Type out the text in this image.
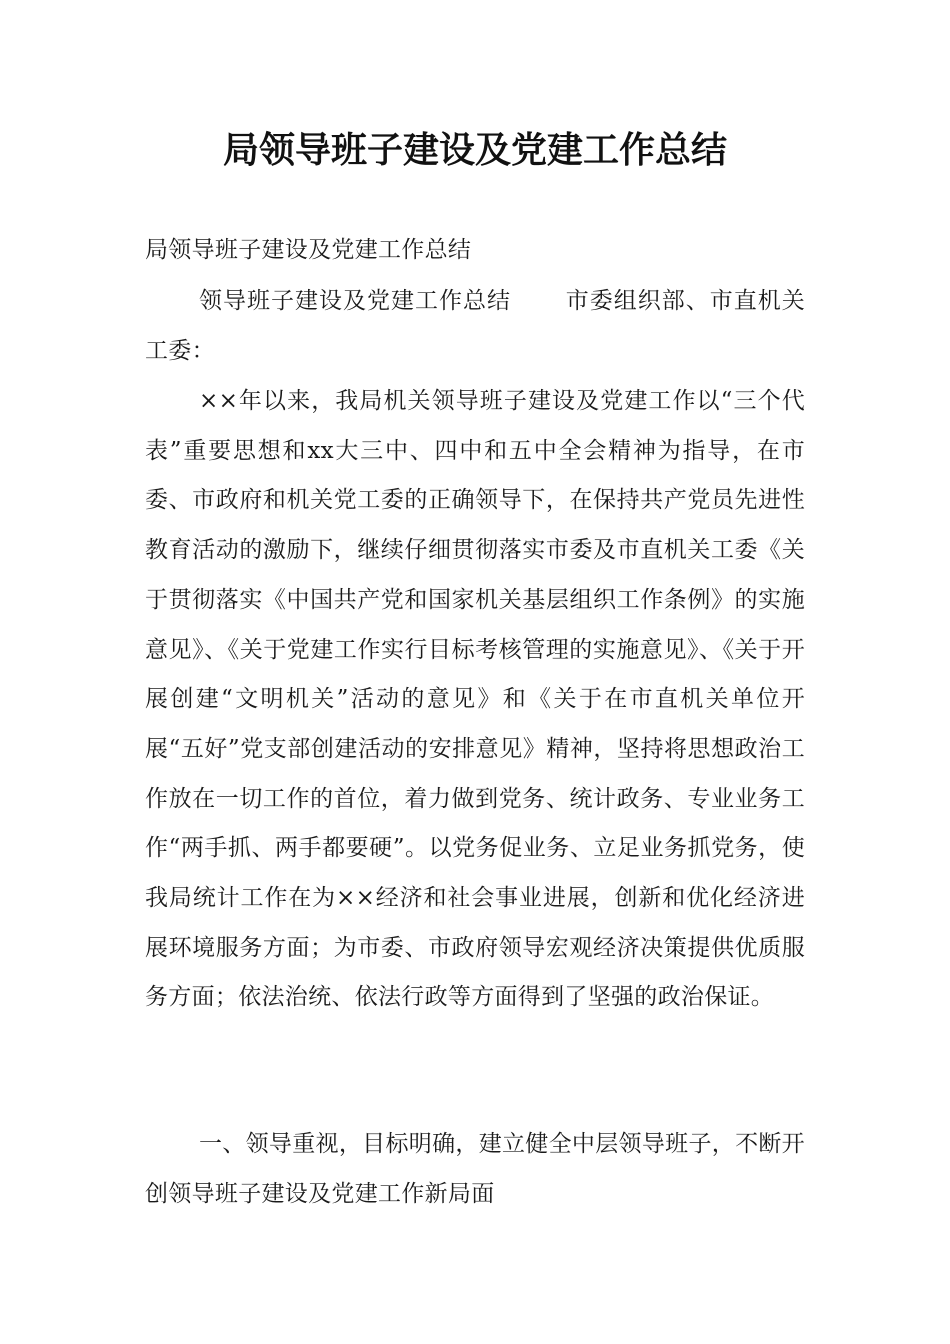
局领导班子建设及党建工作总结

局领导班子建设及党建工作总结

领导班子建设及党建工作总结 市委组织部、市直机关工委：

××年以来，我局机关领导班子建设及党建工作以“三个代表”重要思想和xx大三中、四中和五中全会精神为指导，在市委、市政府和机关党工委的正确领导下，在保持共产党员先进性教育活动的激励下，继续仔细贯彻落实市委及市直机关工委《关于贯彻落实《中国共产党和国家机关基层组织工作条例》的实施意见》、《关于党建工作实行目标考核管理的实施意见》、《关于开展创建“文明机关”活动的意见》和《关于在市直机关单位开展“五好”党支部创建活动的安排意见》精神，坚持将思想政治工作放在一切工作的首位，着力做到党务、统计政务、专业业务工作“两手抓、两手都要硬”。以党务促业务、立足业务抓党务，使我局统计工作在为××经济和社会事业进展，创新和优化经济进展环境服务方面；为市委、市政府领导宏观经济决策提供优质服务方面；依法治统、依法行政等方面得到了坚强的政治保证。

一、领导重视，目标明确，建立健全中层领导班子，不断开创领导班子建设及党建工作新局面
